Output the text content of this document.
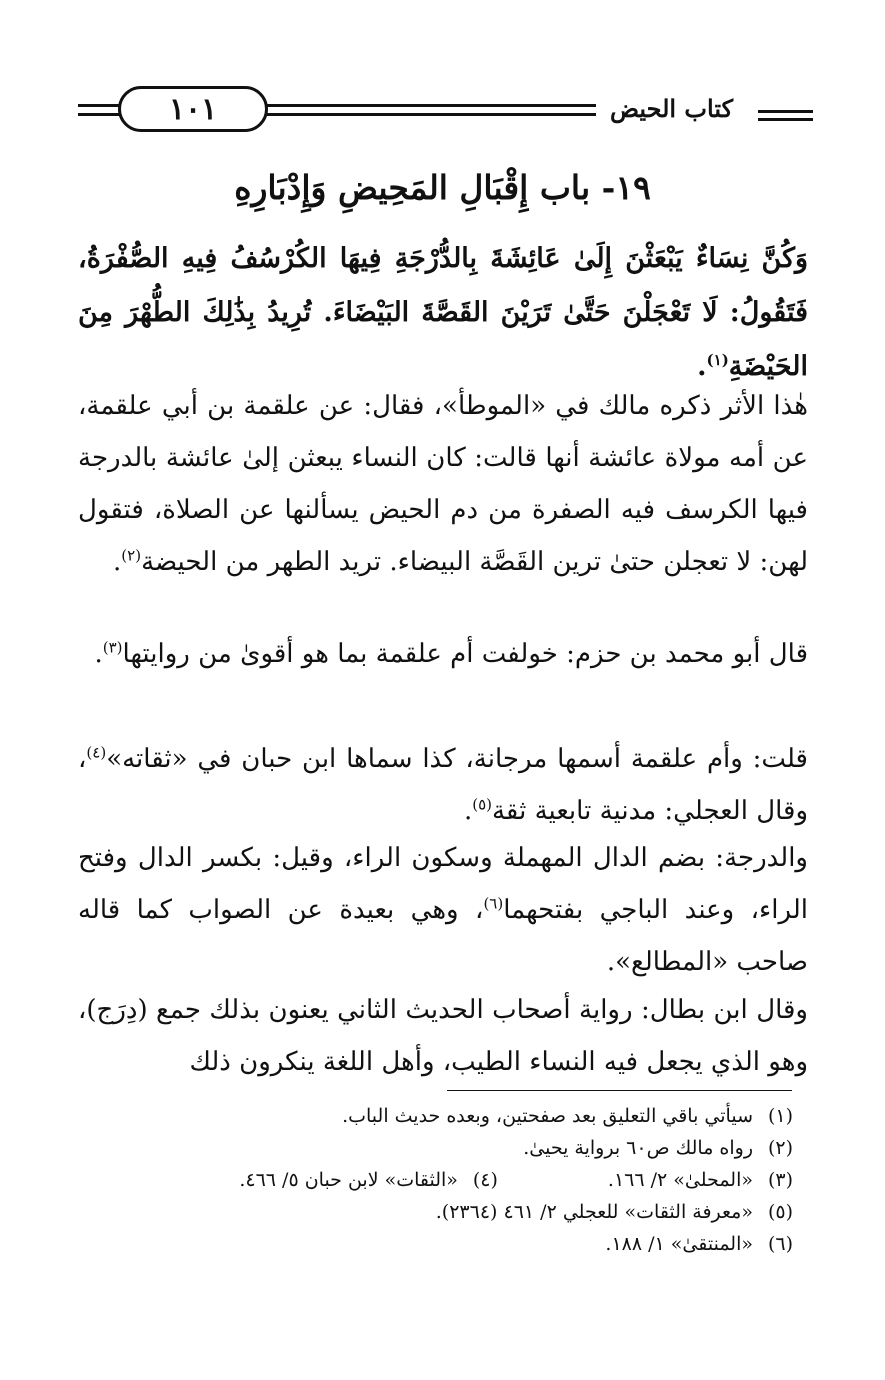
١٠١	كتاب الحيض
١٩- باب إِقْبَالِ المَحِيضِ وَإِدْبَارِهِ
وَكُنَّ نِسَاءٌ يَبْعَثْنَ إِلَىٰ عَائِشَةَ بِالدُّرْجَةِ فِيهَا الكُرْسُفُ فِيهِ الصُّفْرَةُ، فَتَقُولُ: لَا تَعْجَلْنَ حَتَّىٰ تَرَيْنَ القَصَّةَ البَيْضَاءَ. تُرِيدُ بِذَٰلِكَ الطُّهْرَ مِنَ الحَيْضَةِ$^{(١)}$.
هٰذا الأثر ذكره مالك في «الموطأ»، فقال: عن علقمة بن أبي علقمة، عن أمه مولاة عائشة أنها قالت: كان النساء يبعثن إلىٰ عائشة بالدرجة فيها الكرسف فيه الصفرة من دم الحيض يسألنها عن الصلاة، فتقول لهن: لا تعجلن حتىٰ ترين القَصَّة البيضاء. تريد الطهر من الحيضة$^{(٢)}$.
قال أبو محمد بن حزم: خولفت أم علقمة بما هو أقوىٰ من روايتها$^{(٣)}$.
قلت: وأم علقمة أسمها مرجانة، كذا سماها ابن حبان في «ثقاته»$^{(٤)}$، وقال العجلي: مدنية تابعية ثقة$^{(٥)}$.
والدرجة: بضم الدال المهملة وسكون الراء، وقيل: بكسر الدال وفتح الراء، وعند الباجي بفتحهما$^{(٦)}$، وهي بعيدة عن الصواب كما قاله صاحب «المطالع».
وقال ابن بطال: رواية أصحاب الحديث الثاني يعنون بذلك جمع (دِرَج)، وهو الذي يجعل فيه النساء الطيب، وأهل اللغة ينكرون ذلك
(١)
سيأتي باقي التعليق بعد صفحتين، وبعده حديث الباب.
(٢)
رواه مالك ص٦٠ برواية يحيىٰ.
(٣)
«المحلىٰ» ٢/ ١٦٦.
(٤)
«الثقات» لابن حبان ٥/ ٤٦٦.
(٥)
«معرفة الثقات» للعجلي ٢/ ٤٦١ (٢٣٦٤).
(٦)
«المنتقىٰ» ١/ ١٨٨.
